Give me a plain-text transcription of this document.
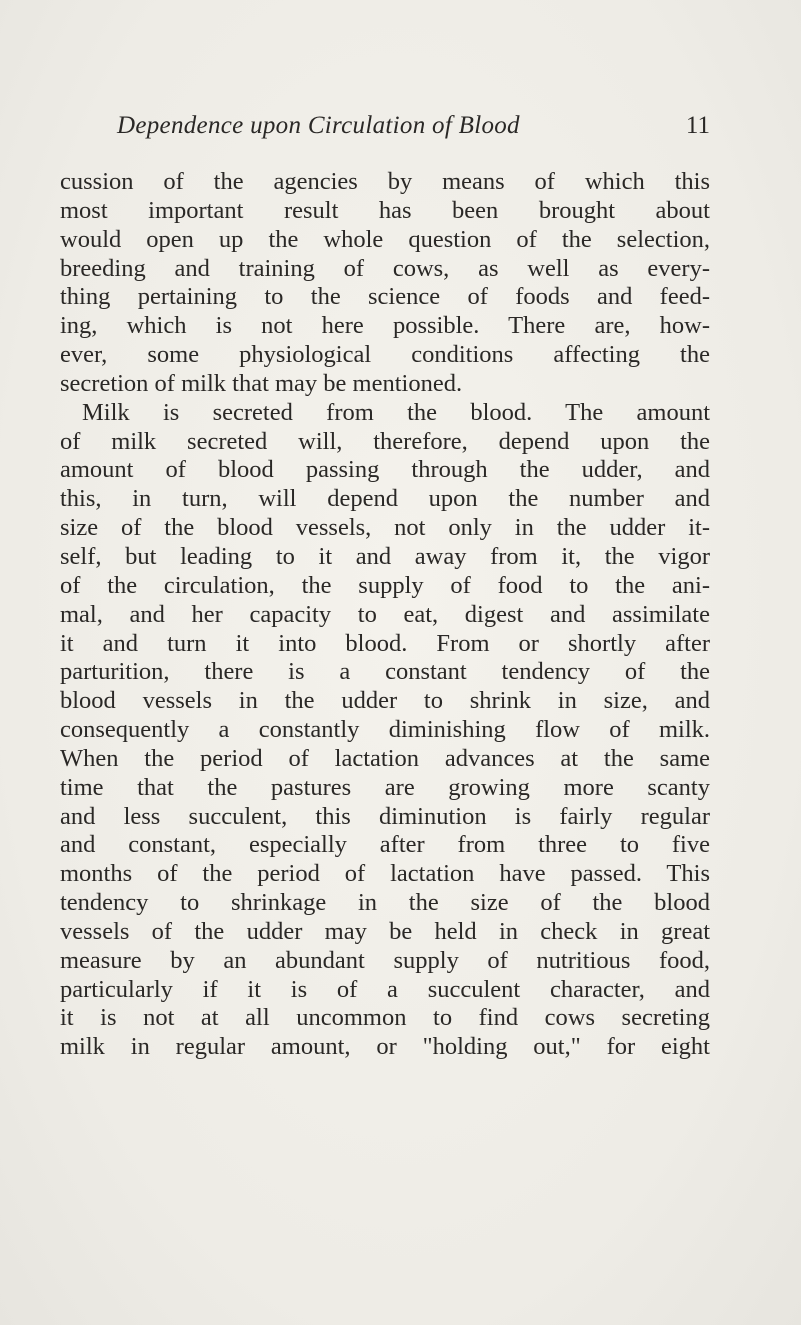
Dependence upon Circulation of Blood	11
cussion of the agencies by means of which this
most important result has been brought about
would open up the whole question of the selection,
breeding and training of cows, as well as every-
thing pertaining to the science of foods and feed-
ing, which is not here possible. There are, how-
ever, some physiological conditions affecting the
secretion of milk that may be mentioned.
Milk is secreted from the blood. The amount
of milk secreted will, therefore, depend upon the
amount of blood passing through the udder, and
this, in turn, will depend upon the number and
size of the blood vessels, not only in the udder it-
self, but leading to it and away from it, the vigor
of the circulation, the supply of food to the ani-
mal, and her capacity to eat, digest and assimilate
it and turn it into blood. From or shortly after
parturition, there is a constant tendency of the
blood vessels in the udder to shrink in size, and
consequently a constantly diminishing flow of milk.
When the period of lactation advances at the same
time that the pastures are growing more scanty
and less succulent, this diminution is fairly regular
and constant, especially after from three to five
months of the period of lactation have passed. This
tendency to shrinkage in the size of the blood
vessels of the udder may be held in check in great
measure by an abundant supply of nutritious food,
particularly if it is of a succulent character, and
it is not at all uncommon to find cows secreting
milk in regular amount, or "holding out," for eight
